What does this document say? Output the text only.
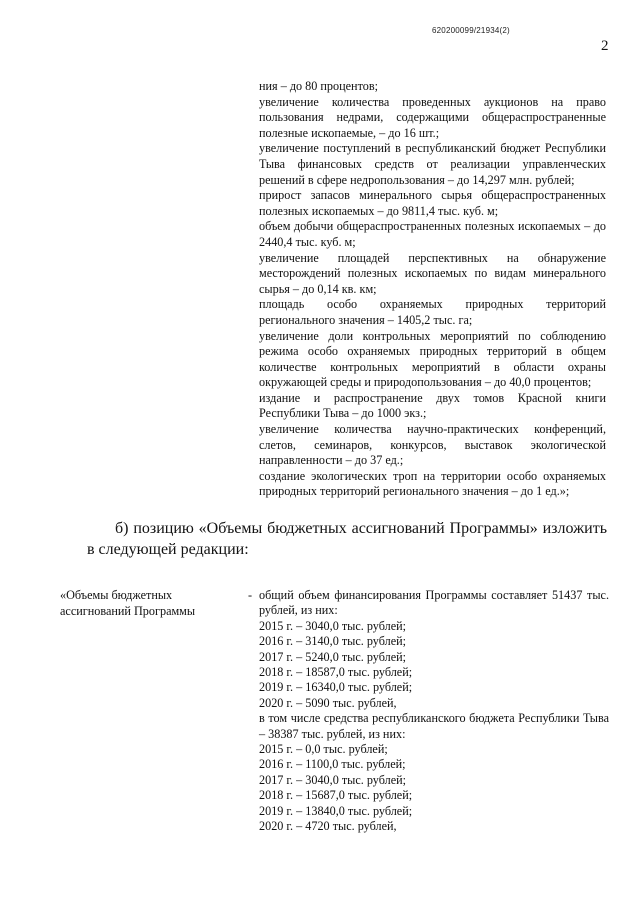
620200099/21934(2)
2
ния – до 80 процентов;
увеличение количества проведенных аукционов на право пользования недрами, содержащими общераспространенные полезные ископаемые, – до 16 шт.;
увеличение поступлений в республиканский бюджет Республики Тыва финансовых средств от реализации управленческих решений в сфере недропользования – до 14,297 млн. рублей;
прирост запасов минерального сырья общераспространенных полезных ископаемых – до 9811,4 тыс. куб. м;
объем добычи общераспространенных полезных ископаемых – до 2440,4 тыс. куб. м;
увеличение площадей перспективных на обнаружение месторождений полезных ископаемых по видам минерального сырья – до 0,14 кв. км;
площадь особо охраняемых природных территорий регионального значения – 1405,2 тыс. га;
увеличение доли контрольных мероприятий по соблюдению режима особо охраняемых природных территорий в общем количестве контрольных мероприятий в области охраны окружающей среды и природопользования – до 40,0 процентов;
издание и распространение двух томов Красной книги Республики Тыва – до 1000 экз.;
увеличение количества научно-практических конференций, слетов, семинаров, конкурсов, выставок экологической направленности – до 37 ед.;
создание экологических троп на территории особо охраняемых природных территорий регионального значения – до 1 ед.»;

б) позицию «Объемы бюджетных ассигнований Программы» изложить в следующей редакции:

«Объемы бюджетных ассигнований Программы
- общий объем финансирования Программы составляет 51437 тыс. рублей, из них:
2015 г. – 3040,0 тыс. рублей;
2016 г. – 3140,0 тыс. рублей;
2017 г. – 5240,0 тыс. рублей;
2018 г. – 18587,0 тыс. рублей;
2019 г. – 16340,0 тыс. рублей;
2020 г. – 5090 тыс. рублей,
в том числе средства республиканского бюджета Республики Тыва – 38387 тыс. рублей, из них:
2015 г. – 0,0 тыс. рублей;
2016 г. – 1100,0 тыс. рублей;
2017 г. – 3040,0 тыс. рублей;
2018 г. – 15687,0 тыс. рублей;
2019 г. – 13840,0 тыс. рублей;
2020 г. – 4720 тыс. рублей,
